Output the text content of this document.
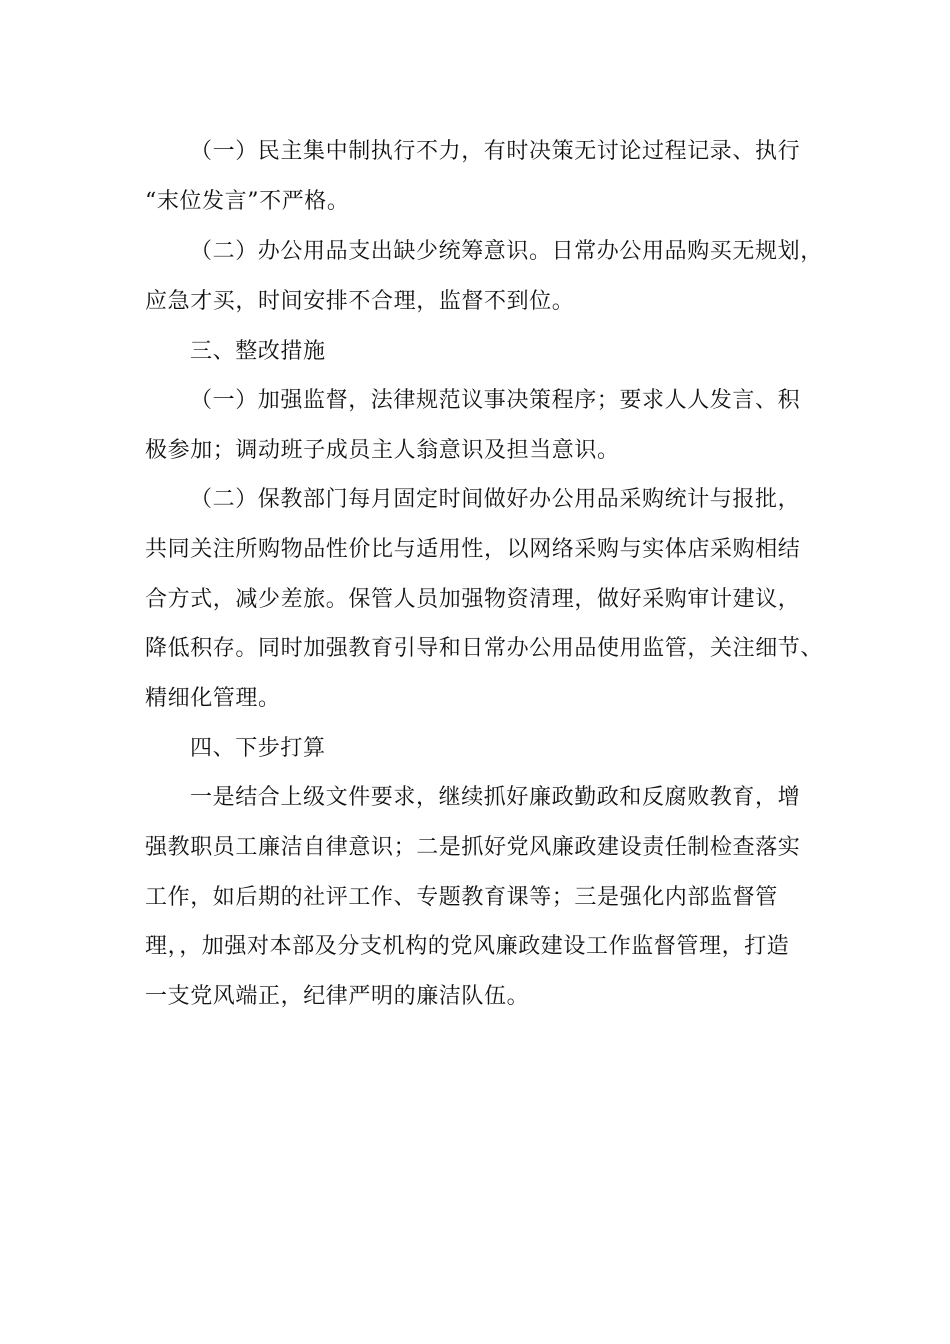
（一）民主集中制执行不力，有时决策无讨论过程记录、执行

“末位发言”不严格。

（二）办公用品支出缺少统筹意识。日常办公用品购买无规划，

应急才买，时间安排不合理，监督不到位。

三、整改措施

（一）加强监督，法律规范议事决策程序；要求人人发言、积

极参加；调动班子成员主人翁意识及担当意识。

（二）保教部门每月固定时间做好办公用品采购统计与报批，

共同关注所购物品性价比与适用性，以网络采购与实体店采购相结

合方式，减少差旅。保管人员加强物资清理，做好采购审计建议，

降低积存。同时加强教育引导和日常办公用品使用监管，关注细节、

精细化管理。

四、下步打算

一是结合上级文件要求，继续抓好廉政勤政和反腐败教育，增

强教职员工廉洁自律意识；二是抓好党风廉政建设责任制检查落实

工作，如后期的社评工作、专题教育课等；三是强化内部监督管

理，，加强对本部及分支机构的党风廉政建设工作监督管理，打造

一支党风端正，纪律严明的廉洁队伍。
